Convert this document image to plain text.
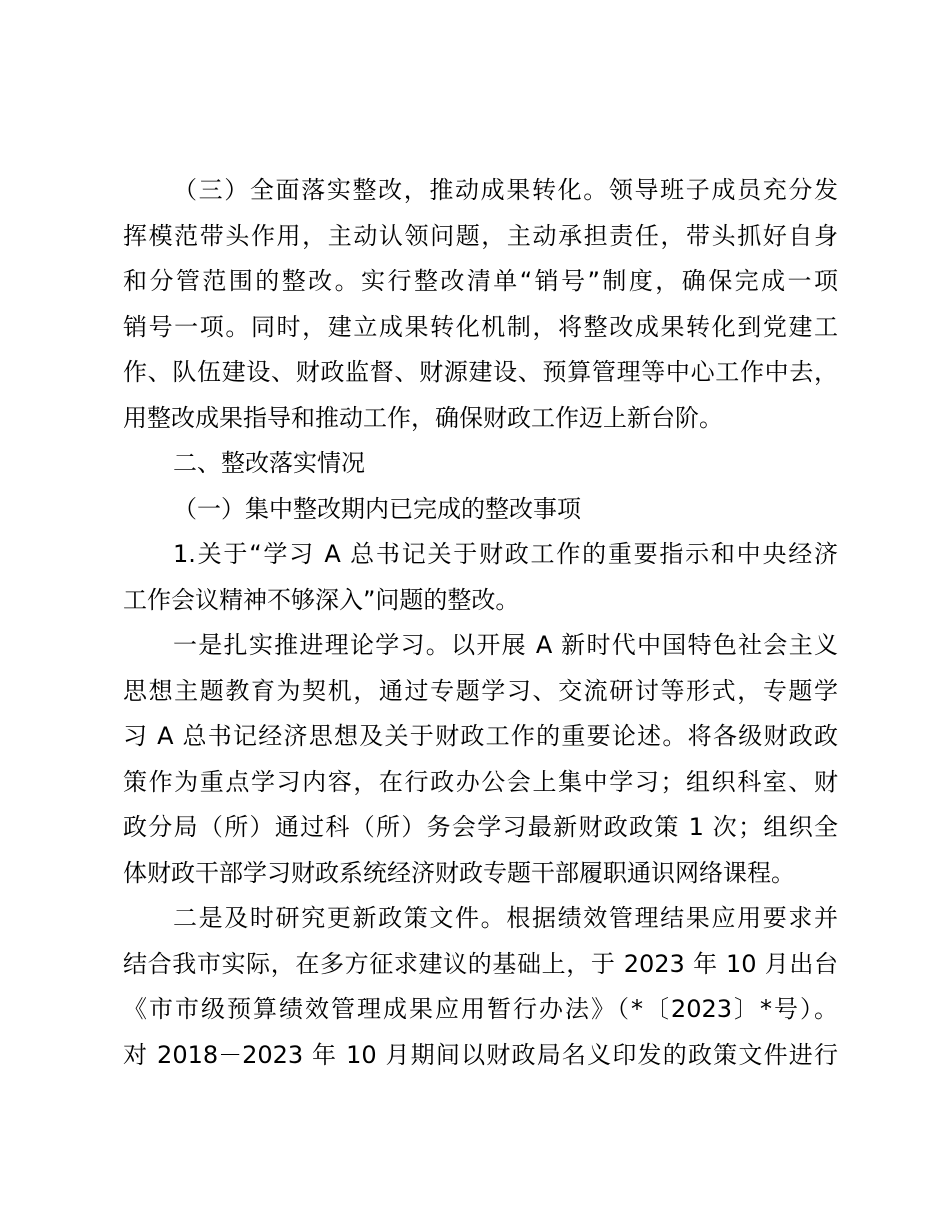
（三）全面落实整改，推动成果转化。领导班子成员充分发
挥模范带头作用，主动认领问题，主动承担责任，带头抓好自身
和分管范围的整改。实行整改清单“销号”制度，确保完成一项
销号一项。同时，建立成果转化机制，将整改成果转化到党建工
作、队伍建设、财政监督、财源建设、预算管理等中心工作中去，
用整改成果指导和推动工作，确保财政工作迈上新台阶。
二、整改落实情况
（一）集中整改期内已完成的整改事项
1.关于“学习 A 总书记关于财政工作的重要指示和中央经济
工作会议精神不够深入”问题的整改。
一是扎实推进理论学习。以开展 A 新时代中国特色社会主义
思想主题教育为契机，通过专题学习、交流研讨等形式，专题学
习 A 总书记经济思想及关于财政工作的重要论述。将各级财政政
策作为重点学习内容，在行政办公会上集中学习；组织科室、财
政分局（所）通过科（所）务会学习最新财政政策 1 次；组织全
体财政干部学习财政系统经济财政专题干部履职通识网络课程。
二是及时研究更新政策文件。根据绩效管理结果应用要求并
结合我市实际，在多方征求建议的基础上，于 2023 年 10 月出台
《市市级预算绩效管理成果应用暂行办法》（*〔2023〕*号）。
对 2018－2023 年 10 月期间以财政局名义印发的政策文件进行
